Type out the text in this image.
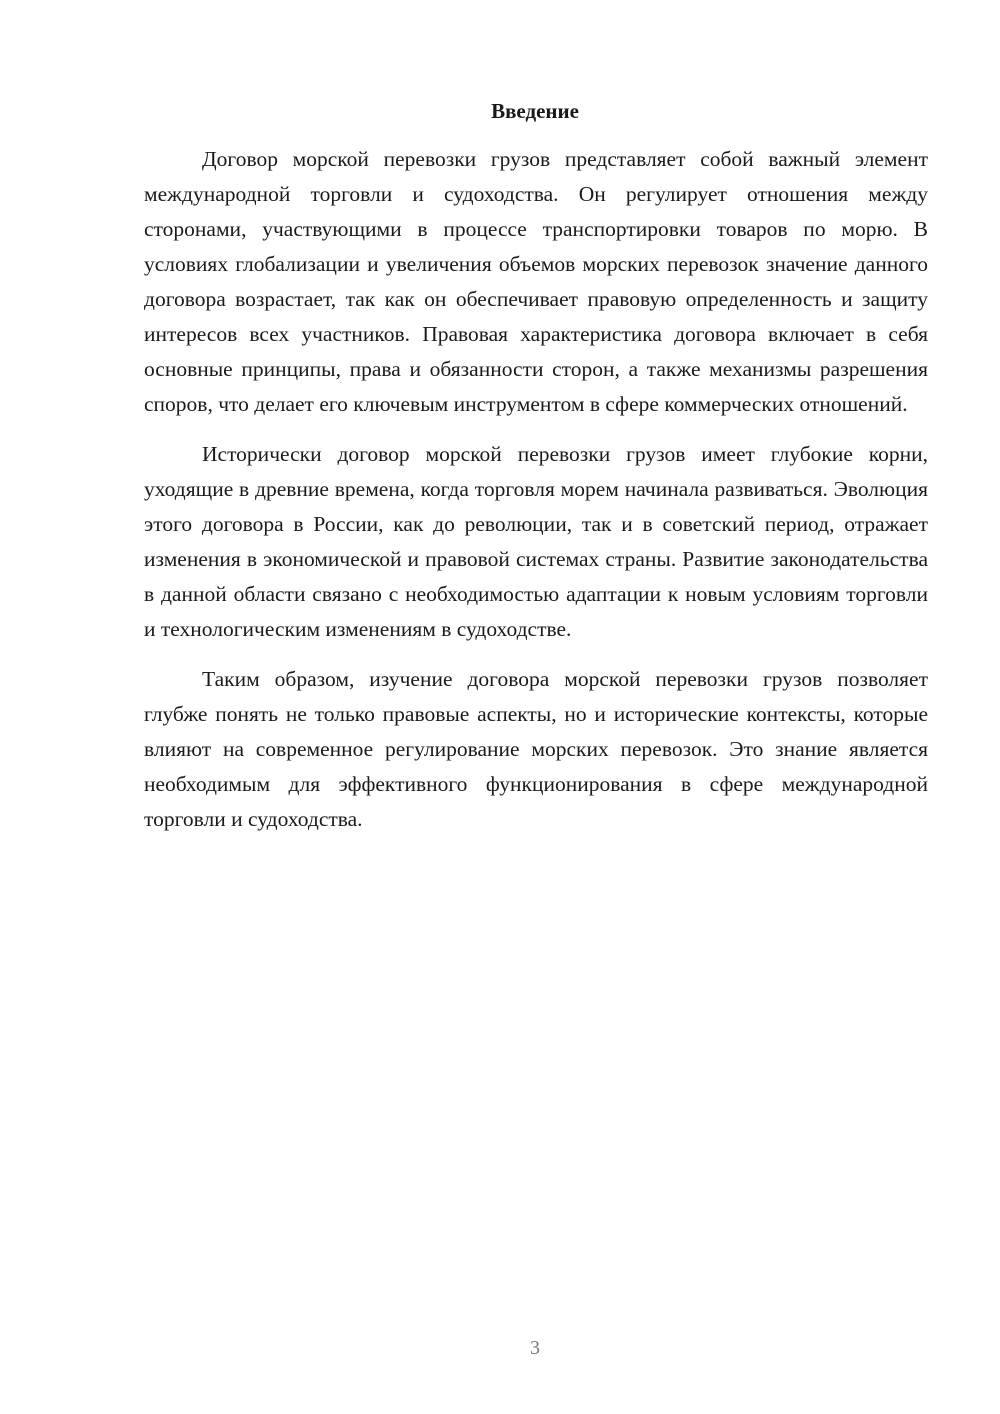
Введение

Договор морской перевозки грузов представляет собой важный элемент международной торговли и судоходства. Он регулирует отношения между сторонами, участвующими в процессе транспортировки товаров по морю. В условиях глобализации и увеличения объемов морских перевозок значение данного договора возрастает, так как он обеспечивает правовую определенность и защиту интересов всех участников. Правовая характеристика договора включает в себя основные принципы, права и обязанности сторон, а также механизмы разрешения споров, что делает его ключевым инструментом в сфере коммерческих отношений.

Исторически договор морской перевозки грузов имеет глубокие корни, уходящие в древние времена, когда торговля морем начинала развиваться. Эволюция этого договора в России, как до революции, так и в советский период, отражает изменения в экономической и правовой системах страны. Развитие законодательства в данной области связано с необходимостью адаптации к новым условиям торговли и технологическим изменениям в судоходстве.

Таким образом, изучение договора морской перевозки грузов позволяет глубже понять не только правовые аспекты, но и исторические контексты, которые влияют на современное регулирование морских перевозок. Это знание является необходимым для эффективного функционирования в сфере международной торговли и судоходства.

3
